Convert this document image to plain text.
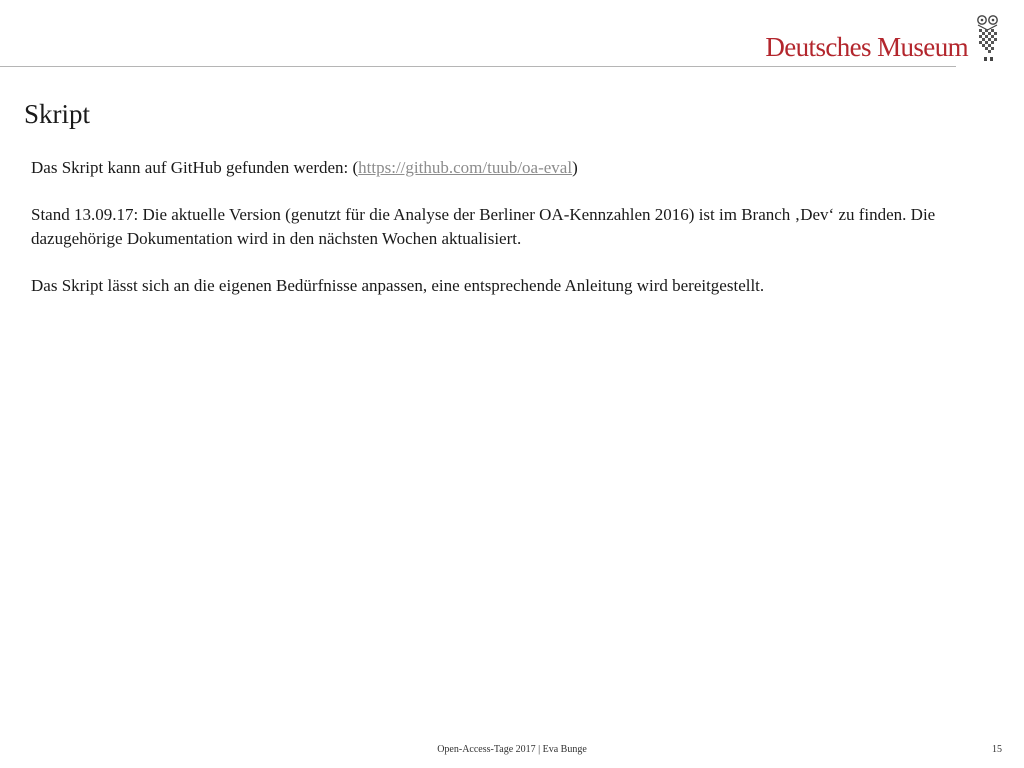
Deutsches Museum
Skript

Das Skript kann auf GitHub gefunden werden: (https://github.com/tuub/oa-eval)

Stand 13.09.17: Die aktuelle Version (genutzt für die Analyse der Berliner OA-Kennzahlen 2016) ist im Branch ‚Dev‘ zu finden. Die dazugehörige Dokumentation wird in den nächsten Wochen aktualisiert.

Das Skript lässt sich an die eigenen Bedürfnisse anpassen, eine entsprechende Anleitung wird bereitgestellt.

Open-Access-Tage 2017 | Eva Bunge	15
